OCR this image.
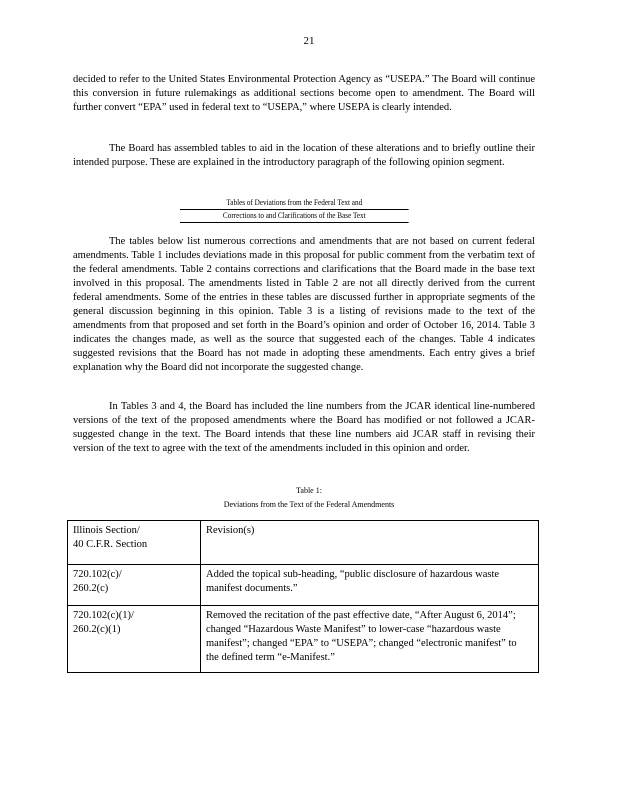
21

decided to refer to the United States Environmental Protection Agency as “USEPA.” The Board will continue this conversion in future rulemakings as additional sections become open to amendment. The Board will further convert “EPA” used in federal text to “USEPA,” where USEPA is clearly intended.

The Board has assembled tables to aid in the location of these alterations and to briefly outline their intended purpose. These are explained in the introductory paragraph of the following opinion segment.

Tables of Deviations from the Federal Text and
Corrections to and Clarifications of the Base Text

The tables below list numerous corrections and amendments that are not based on current federal amendments. Table 1 includes deviations made in this proposal for public comment from the verbatim text of the federal amendments. Table 2 contains corrections and clarifications that the Board made in the base text involved in this proposal. The amendments listed in Table 2 are not all directly derived from the current federal amendments. Some of the entries in these tables are discussed further in appropriate segments of the general discussion beginning in this opinion. Table 3 is a listing of revisions made to the text of the amendments from that proposed and set forth in the Board’s opinion and order of October 16, 2014. Table 3 indicates the changes made, as well as the source that suggested each of the changes. Table 4 indicates suggested revisions that the Board has not made in adopting these amendments. Each entry gives a brief explanation why the Board did not incorporate the suggested change.

In Tables 3 and 4, the Board has included the line numbers from the JCAR identical line-numbered versions of the text of the proposed amendments where the Board has modified or not followed a JCAR-suggested change in the text. The Board intends that these line numbers aid JCAR staff in revising their version of the text to agree with the text of the amendments included in this opinion and order.

Table 1:
Deviations from the Text of the Federal Amendments
Illinois Section/
40 C.F.R. Section	Revision(s)

720.102(c)/
260.2(c)	Added the topical sub-heading, “public disclosure of hazardous waste manifest documents.”

720.102(c)(1)/
260.2(c)(1)	Removed the recitation of the past effective date, “After August 6, 2014”; changed “Hazardous Waste Manifest” to lower-case “hazardous waste manifest”; changed “EPA” to “USEPA”; changed “electronic manifest” to the defined term “e-Manifest.”
